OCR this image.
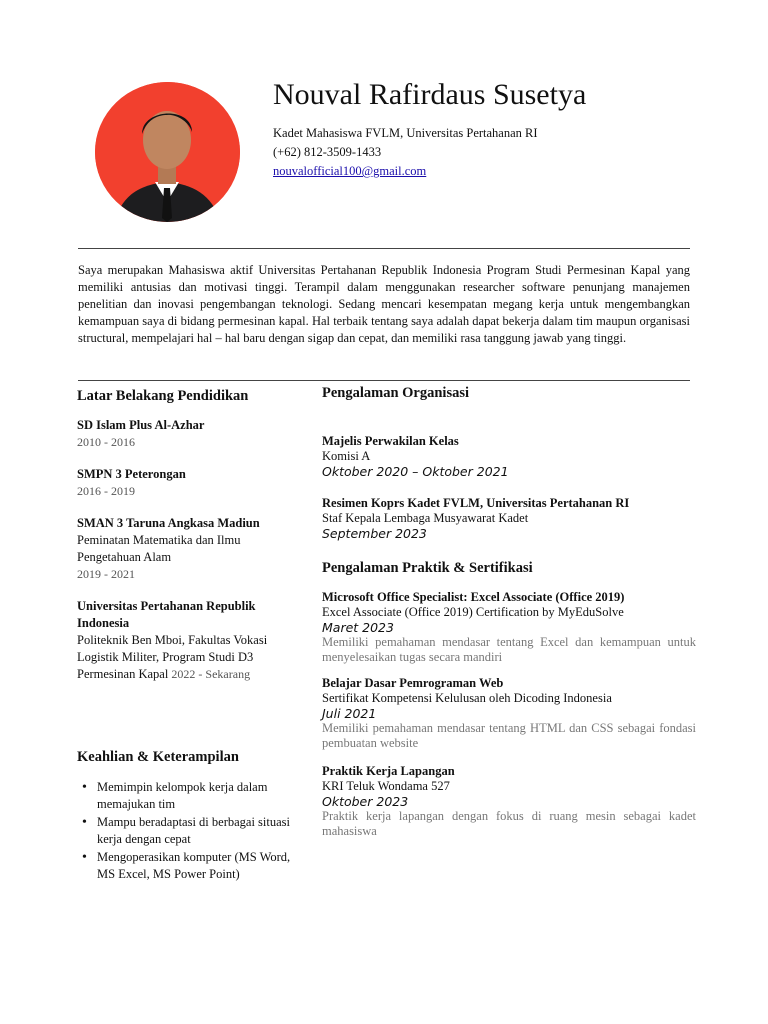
Nouval Rafirdaus Susetya
Kadet Mahasiswa FVLM, Universitas Pertahanan RI
(+62) 812-3509-1433
nouvalofficial100@gmail.com
Saya merupakan Mahasiswa aktif Universitas Pertahanan Republik Indonesia Program Studi Permesinan Kapal yang memiliki antusias dan motivasi tinggi. Terampil dalam menggunakan researcher software penunjang manajemen penelitian dan inovasi pengembangan teknologi. Sedang mencari kesempatan megang kerja untuk mengembangkan kemampuan saya di bidang permesinan kapal. Hal terbaik tentang saya adalah dapat bekerja dalam tim maupun organisasi structural, mempelajari hal – hal baru dengan sigap dan cepat, dan memiliki rasa tanggung jawab yang tinggi.
Latar Belakang Pendidikan
SD Islam Plus Al-Azhar
2010 - 2016
SMPN 3 Peterongan
2016 - 2019
SMAN 3 Taruna Angkasa Madiun Peminatan Matematika dan Ilmu Pengetahuan Alam
2019 - 2021
Universitas Pertahanan Republik Indonesia
Politeknik Ben Mboi, Fakultas Vokasi Logistik Militer, Program Studi D3 Permesinan Kapal 2022 - Sekarang
Keahlian & Keterampilan
• Memimpin kelompok kerja dalam memajukan tim
• Mampu beradaptasi di berbagai situasi kerja dengan cepat
• Mengoperasikan komputer (MS Word, MS Excel, MS Power Point)
Pengalaman Organisasi
Majelis Perwakilan Kelas
Komisi A
Oktober 2020 – Oktober 2021
Resimen Koprs Kadet FVLM, Universitas Pertahanan RI
Staf Kepala Lembaga Musyawarat Kadet
September 2023
Pengalaman Praktik & Sertifikasi
Microsoft Office Specialist: Excel Associate (Office 2019)
Excel Associate (Office 2019) Certification by MyEduSolve
Maret 2023
Memiliki pemahaman mendasar tentang Excel dan kemampuan untuk menyelesaikan tugas secara mandiri
Belajar Dasar Pemrograman Web
Sertifikat Kompetensi Kelulusan oleh Dicoding Indonesia
Juli 2021
Memiliki pemahaman mendasar tentang HTML dan CSS sebagai fondasi pembuatan website
Praktik Kerja Lapangan
KRI Teluk Wondama 527
Oktober 2023
Praktik kerja lapangan dengan fokus di ruang mesin sebagai kadet mahasiswa
